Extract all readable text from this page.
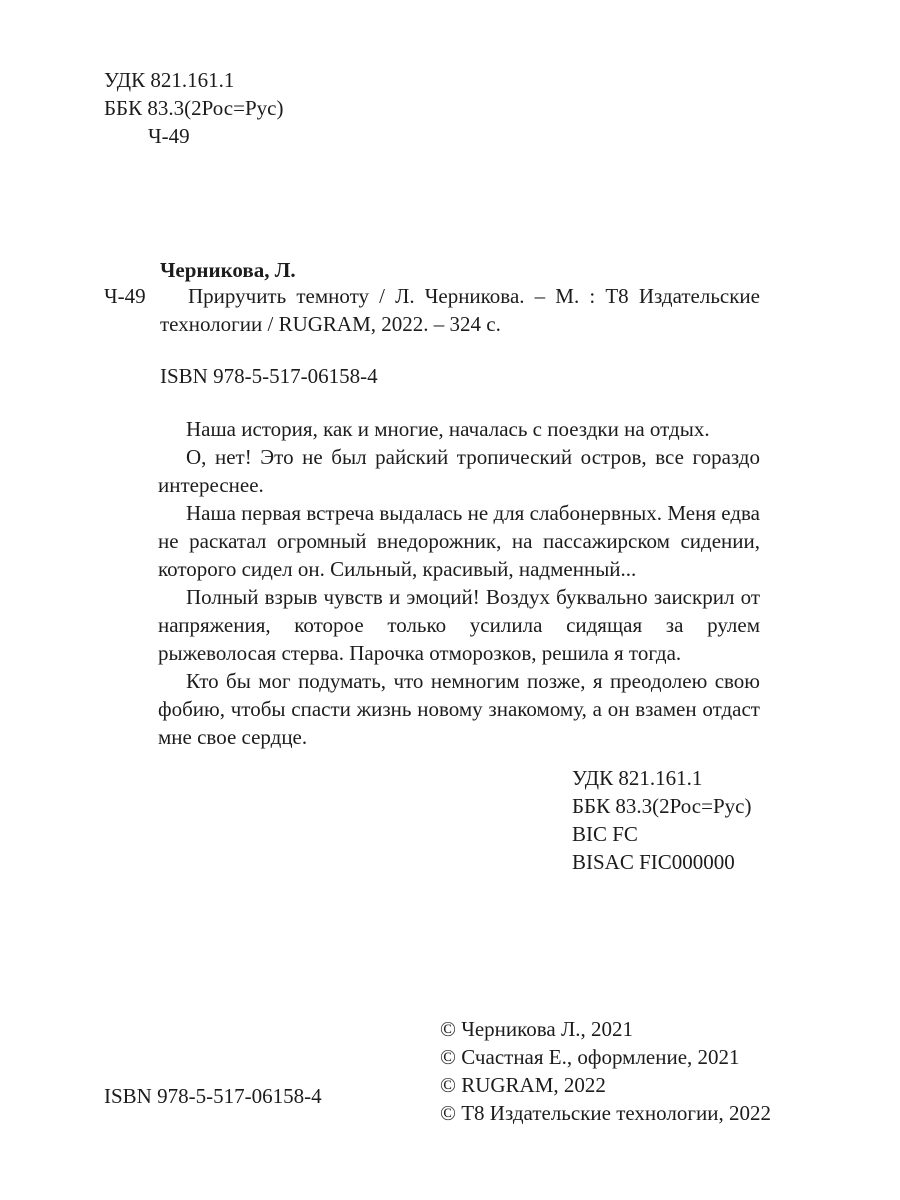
УДК 821.161.1
ББК 83.3(2Рос=Рус)
Ч-49
Черникова, Л.
Ч-49	Приручить темноту / Л. Черникова. – М. : Т8 Издательские технологии / RUGRAM, 2022. – 324 с.
ISBN 978-5-517-06158-4

Наша история, как и многие, началась с поездки на отдых.

О, нет! Это не был райский тропический остров, все гораздо интереснее.

Наша первая встреча выдалась не для слабонервных. Меня едва не раскатал огромный внедорожник, на пассажирском сидении, которого сидел он. Сильный, красивый, надменный...

Полный взрыв чувств и эмоций! Воздух буквально заискрил от напряжения, которое только усилила сидящая за рулем рыжеволосая стерва. Парочка отморозков, решила я тогда.

Кто бы мог подумать, что немногим позже, я преодолею свою фобию, чтобы спасти жизнь новому знакомому, а он взамен отдаст мне свое сердце.

УДК 821.161.1
ББК 83.3(2Рос=Рус)
BIC FC
BISAC FIC000000
© Черникова Л., 2021
© Счастная Е., оформление, 2021
© RUGRAM, 2022
© Т8 Издательские технологии, 2022
ISBN 978-5-517-06158-4
